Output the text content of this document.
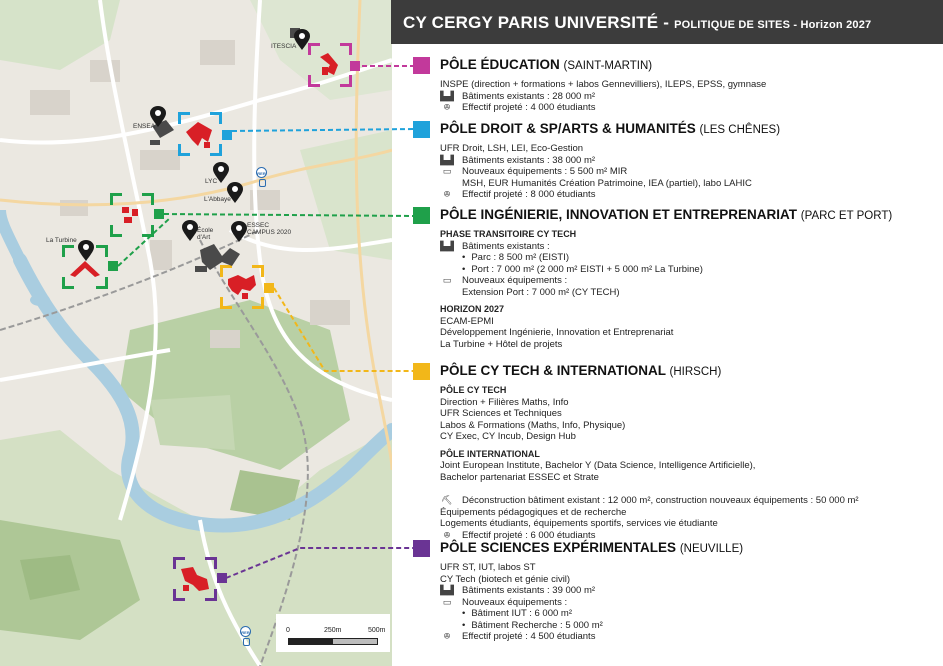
ITESCIA
ENSEA
LYC
L'Abbaye
La Turbine
École
d'Art
ESSEC
CAMPUS 2020
RER
RER	0	250m	500m
CY CERGY PARIS UNIVERSITÉ - POLITIQUE DE SITES - Horizon 2027
PÔLE ÉDUCATION (SAINT-MARTIN)
INSPE (direction + formations + labos Gennevilliers), ILEPS, EPSS, gymnase
▙▟ Bâtiments existants : 28 000 m²
ꔮ Effectif projeté : 4 000 étudiants
PÔLE DROIT & SP/ARTS & HUMANITÉS (LES CHÊNES)
UFR Droit, LSH, LEI, Eco-Gestion
▙▟ Bâtiments existants : 38 000 m²
▭ Nouveaux équipements : 5 500 m² MIR
MSH, EUR Humanités Création Patrimoine, IEA (partiel), labo LAHIC
ꔮ Effectif projeté : 8 000 étudiants
PÔLE INGÉNIERIE, INNOVATION ET ENTREPRENARIAT (PARC ET PORT)
PHASE TRANSITOIRE CY TECH
▙▟ Bâtiments existants :
• Parc : 8 500 m² (EISTI)
• Port : 7 000 m² (2 000 m² EISTI + 5 000 m² La Turbine)
▭ Nouveaux équipements :
Extension Port : 7 000 m² (CY TECH)
HORIZON 2027
ECAM-EPMI
Développement Ingénierie, Innovation et Entreprenariat
La Turbine + Hôtel de projets
PÔLE CY TECH & INTERNATIONAL (HIRSCH)
PÔLE CY TECH
Direction + Filières Maths, Info
UFR Sciences et Techniques
Labos & Formations (Maths, Info, Physique)
CY Exec, CY Incub, Design Hub
PÔLE INTERNATIONAL
Joint European Institute, Bachelor Y (Data Science, Intelligence Artificielle),
Bachelor partenariat ESSEC et Strate
⛏ Déconstruction bâtiment existant : 12 000 m², construction nouveaux équipements : 50 000 m²
Équipements pédagogiques et de recherche
Logements étudiants, équipements sportifs, services vie étudiante
ꔮ Effectif projeté : 6 000 étudiants
PÔLE SCIENCES EXPÉRIMENTALES (NEUVILLE)
UFR ST, IUT, labos ST
CY Tech (biotech et génie civil)
▙▟ Bâtiments existants : 39 000 m²
▭ Nouveaux équipements :
• Bâtiment IUT : 6 000 m²
• Bâtiment Recherche : 5 000 m²
ꔮ Effectif projeté : 4 500 étudiants
